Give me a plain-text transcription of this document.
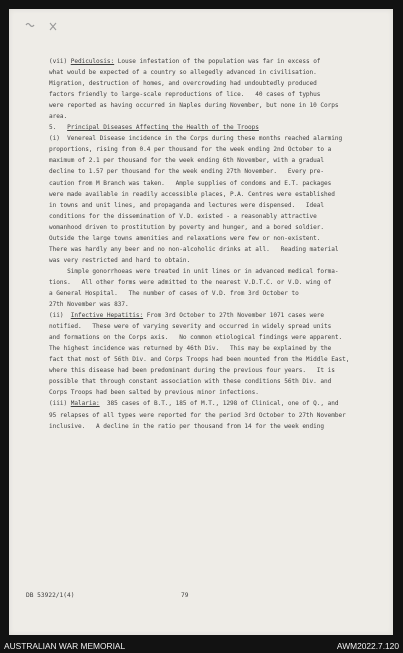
(vii) Pediculosis: Louse infestation of the population was far in excess of
what would be expected of a country so allegedly advanced in civilisation.
Migration, destruction of homes, and overcrowding had undoubtedly produced
factors friendly to large-scale reproductions of lice.   40 cases of typhus
were reported as having occurred in Naples during November, but none in 10 Corps
area.
5.   Principal Diseases Affecting the Health of the Troops
(i)  Venereal Disease incidence in the Corps during these months reached alarming
proportions, rising from 0.4 per thousand for the week ending 2nd October to a
maximum of 2.1 per thousand for the week ending 6th November, with a gradual
decline to 1.57 per thousand for the week ending 27th November.   Every pre-
caution from M Branch was taken.   Ample supplies of condoms and E.T. packages
were made available in readily accessible places, P.A. Centres were established
in towns and unit lines, and propaganda and lectures were dispensed.   Ideal
conditions for the dissemination of V.D. existed - a reasonably attractive
womanhood driven to prostitution by poverty and hunger, and a bored soldier.
Outside the large towns amenities and relaxations were few or non-existent.
There was hardly any beer and no non-alcoholic drinks at all.   Reading material
was very restricted and hard to obtain.
Simple gonorrhoeas were treated in unit lines or in advanced medical forma-
tions.   All other forms were admitted to the nearest V.D.T.C. or V.D. wing of
a General Hospital.   The number of cases of V.D. from 3rd October to
27th November was 837.
(ii)  Infective Hepatitis: From 3rd October to 27th November 1071 cases were
notified.   These were of varying severity and occurred in widely spread units
and formations on the Corps axis.   No common etiological findings were apparent.
The highest incidence was returned by 46th Div.   This may be explained by the
fact that most of 56th Div. and Corps Troops had been mounted from the Middle East,
where this disease had been predominant during the previous four years.   It is
possible that through constant association with these conditions 56th Div. and
Corps Troops had been salted by previous minor infections.
(iii) Malaria:  385 cases of B.T., 185 of M.T., 1298 of Clinical, one of Q., and
95 relapses of all types were reported for the period 3rd October to 27th November
inclusive.   A decline in the ratio per thousand from 14 for the week ending
DB 53922/1(4)	79
AUSTRALIAN WAR MEMORIAL	AWM2022.7.120
